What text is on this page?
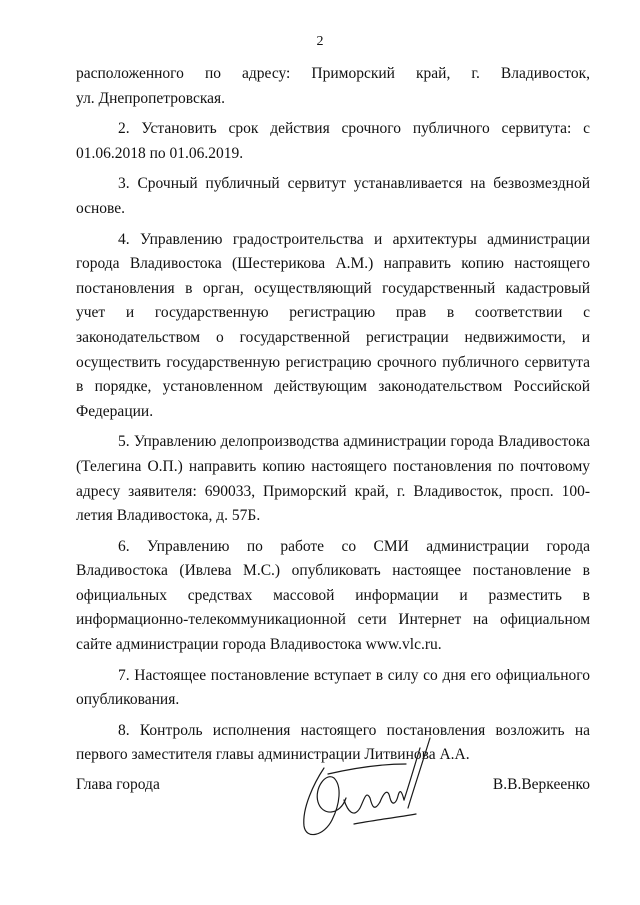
2

расположенного по адресу: Приморский край, г. Владивосток,

ул. Днепропетровская.

2. Установить срок действия срочного публичного сервитута: с 01.06.2018 по 01.06.2019.

3. Срочный публичный сервитут устанавливается на безвозмездной основе.

4. Управлению градостроительства и архитектуры администрации города Владивостока (Шестерикова А.М.) направить копию настоящего постановления в орган, осуществляющий государственный кадастровый учет и государственную регистрацию прав в соответствии с законодательством о государственной регистрации недвижимости, и осуществить государственную регистрацию срочного публичного сервитута в порядке, установленном действующим законодательством Российской Федерации.

5. Управлению делопроизводства администрации города Владивостока (Телегина О.П.) направить копию настоящего постановления по почтовому адресу заявителя: 690033, Приморский край, г. Владивосток, просп. 100-летия Владивостока, д. 57Б.

6. Управлению по работе со СМИ администрации города Владивостока (Ивлева М.С.) опубликовать настоящее постановление в официальных средствах массовой информации и разместить в информационно-телекоммуникационной сети Интернет на официальном сайте администрации города Владивостока www.vlc.ru.

7. Настоящее постановление вступает в силу со дня его официального опубликования.

8. Контроль исполнения настоящего постановления возложить на первого заместителя главы администрации Литвинова А.А.

Глава города	В.В.Веркеенко
